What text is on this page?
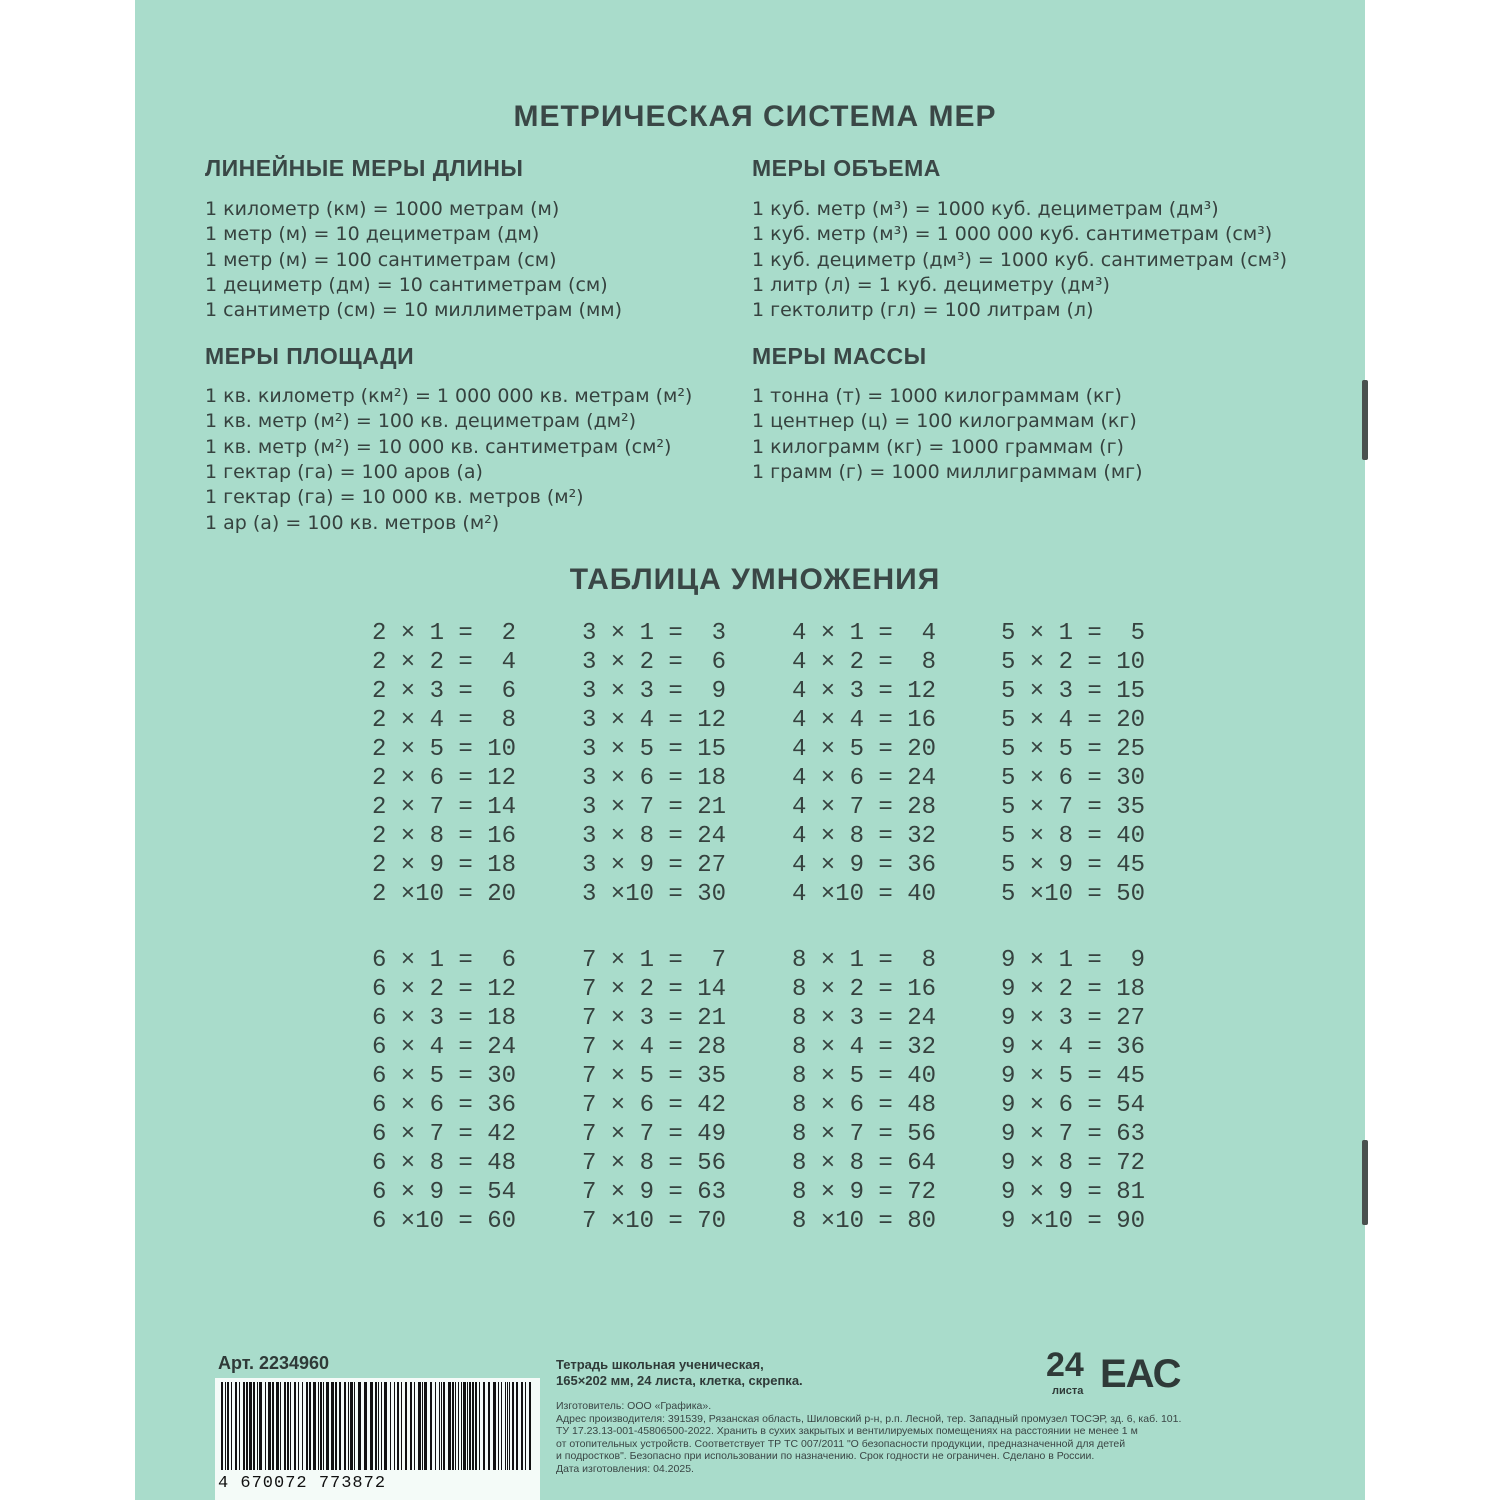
МЕТРИЧЕСКАЯ СИСТЕМА МЕР
ЛИНЕЙНЫЕ МЕРЫ ДЛИНЫ
1 километр (км) = 1000 метрам (м)
1 метр (м) = 10 дециметрам (дм)
1 метр (м) = 100 сантиметрам (см)
1 дециметр (дм) = 10 сантиметрам (см)
1 сантиметр (см) = 10 миллиметрам (мм)
МЕРЫ ОБЪЕМА
1 куб. метр (м³) = 1000 куб. дециметрам (дм³)
1 куб. метр (м³) = 1 000 000 куб. сантиметрам (см³)
1 куб. дециметр (дм³) = 1000 куб. сантиметрам (см³)
1 литр (л) = 1 куб. дециметру (дм³)
1 гектолитр (гл) = 100 литрам (л)
МЕРЫ ПЛОЩАДИ
1 кв. километр (км²) = 1 000 000 кв. метрам (м²)
1 кв. метр (м²) = 100 кв. дециметрам (дм²)
1 кв. метр (м²) = 10 000 кв. сантиметрам (см²)
1 гектар (га) = 100 аров (а)
1 гектар (га) = 10 000 кв. метров (м²)
1 ар (а) = 100 кв. метров (м²)
МЕРЫ МАССЫ
1 тонна (т) = 1000 килограммам (кг)
1 центнер (ц) = 100 килограммам (кг)
1 килограмм (кг) = 1000 граммам (г)
1 грамм (г) = 1000 миллиграммам (мг)
ТАБЛИЦА УМНОЖЕНИЯ
2 × 1 =  2
2 × 2 =  4
2 × 3 =  6
2 × 4 =  8
2 × 5 = 10
2 × 6 = 12
2 × 7 = 14
2 × 8 = 16
2 × 9 = 18
2 ×10 = 20
3 × 1 =  3
3 × 2 =  6
3 × 3 =  9
3 × 4 = 12
3 × 5 = 15
3 × 6 = 18
3 × 7 = 21
3 × 8 = 24
3 × 9 = 27
3 ×10 = 30
4 × 1 =  4
4 × 2 =  8
4 × 3 = 12
4 × 4 = 16
4 × 5 = 20
4 × 6 = 24
4 × 7 = 28
4 × 8 = 32
4 × 9 = 36
4 ×10 = 40
5 × 1 =  5
5 × 2 = 10
5 × 3 = 15
5 × 4 = 20
5 × 5 = 25
5 × 6 = 30
5 × 7 = 35
5 × 8 = 40
5 × 9 = 45
5 ×10 = 50
6 × 1 =  6
6 × 2 = 12
6 × 3 = 18
6 × 4 = 24
6 × 5 = 30
6 × 6 = 36
6 × 7 = 42
6 × 8 = 48
6 × 9 = 54
6 ×10 = 60
7 × 1 =  7
7 × 2 = 14
7 × 3 = 21
7 × 4 = 28
7 × 5 = 35
7 × 6 = 42
7 × 7 = 49
7 × 8 = 56
7 × 9 = 63
7 ×10 = 70
8 × 1 =  8
8 × 2 = 16
8 × 3 = 24
8 × 4 = 32
8 × 5 = 40
8 × 6 = 48
8 × 7 = 56
8 × 8 = 64
8 × 9 = 72
8 ×10 = 80
9 × 1 =  9
9 × 2 = 18
9 × 3 = 27
9 × 4 = 36
9 × 5 = 45
9 × 6 = 54
9 × 7 = 63
9 × 8 = 72
9 × 9 = 81
9 ×10 = 90
Арт. 2234960
4 670072 773872
Тетрадь школьная ученическая,
165×202 мм, 24 листа, клетка, скрепка.
Изготовитель: ООО «Графика».
Адрес производителя: 391539, Рязанская область, Шиловский р-н, р.п. Лесной, тер. Западный промузел ТОСЭР, зд. 6, каб. 101.
ТУ 17.23.13-001-45806500-2022. Хранить в сухих закрытых и вентилируемых помещениях на расстоянии не менее 1 м
от отопительных устройств. Соответствует ТР ТС 007/2011 "О безопасности продукции, предназначенной для детей
и подростков". Безопасно при использовании по назначению. Срок годности не ограничен. Сделано в России.
Дата изготовления: 04.2025.
24
листа ЕАС
